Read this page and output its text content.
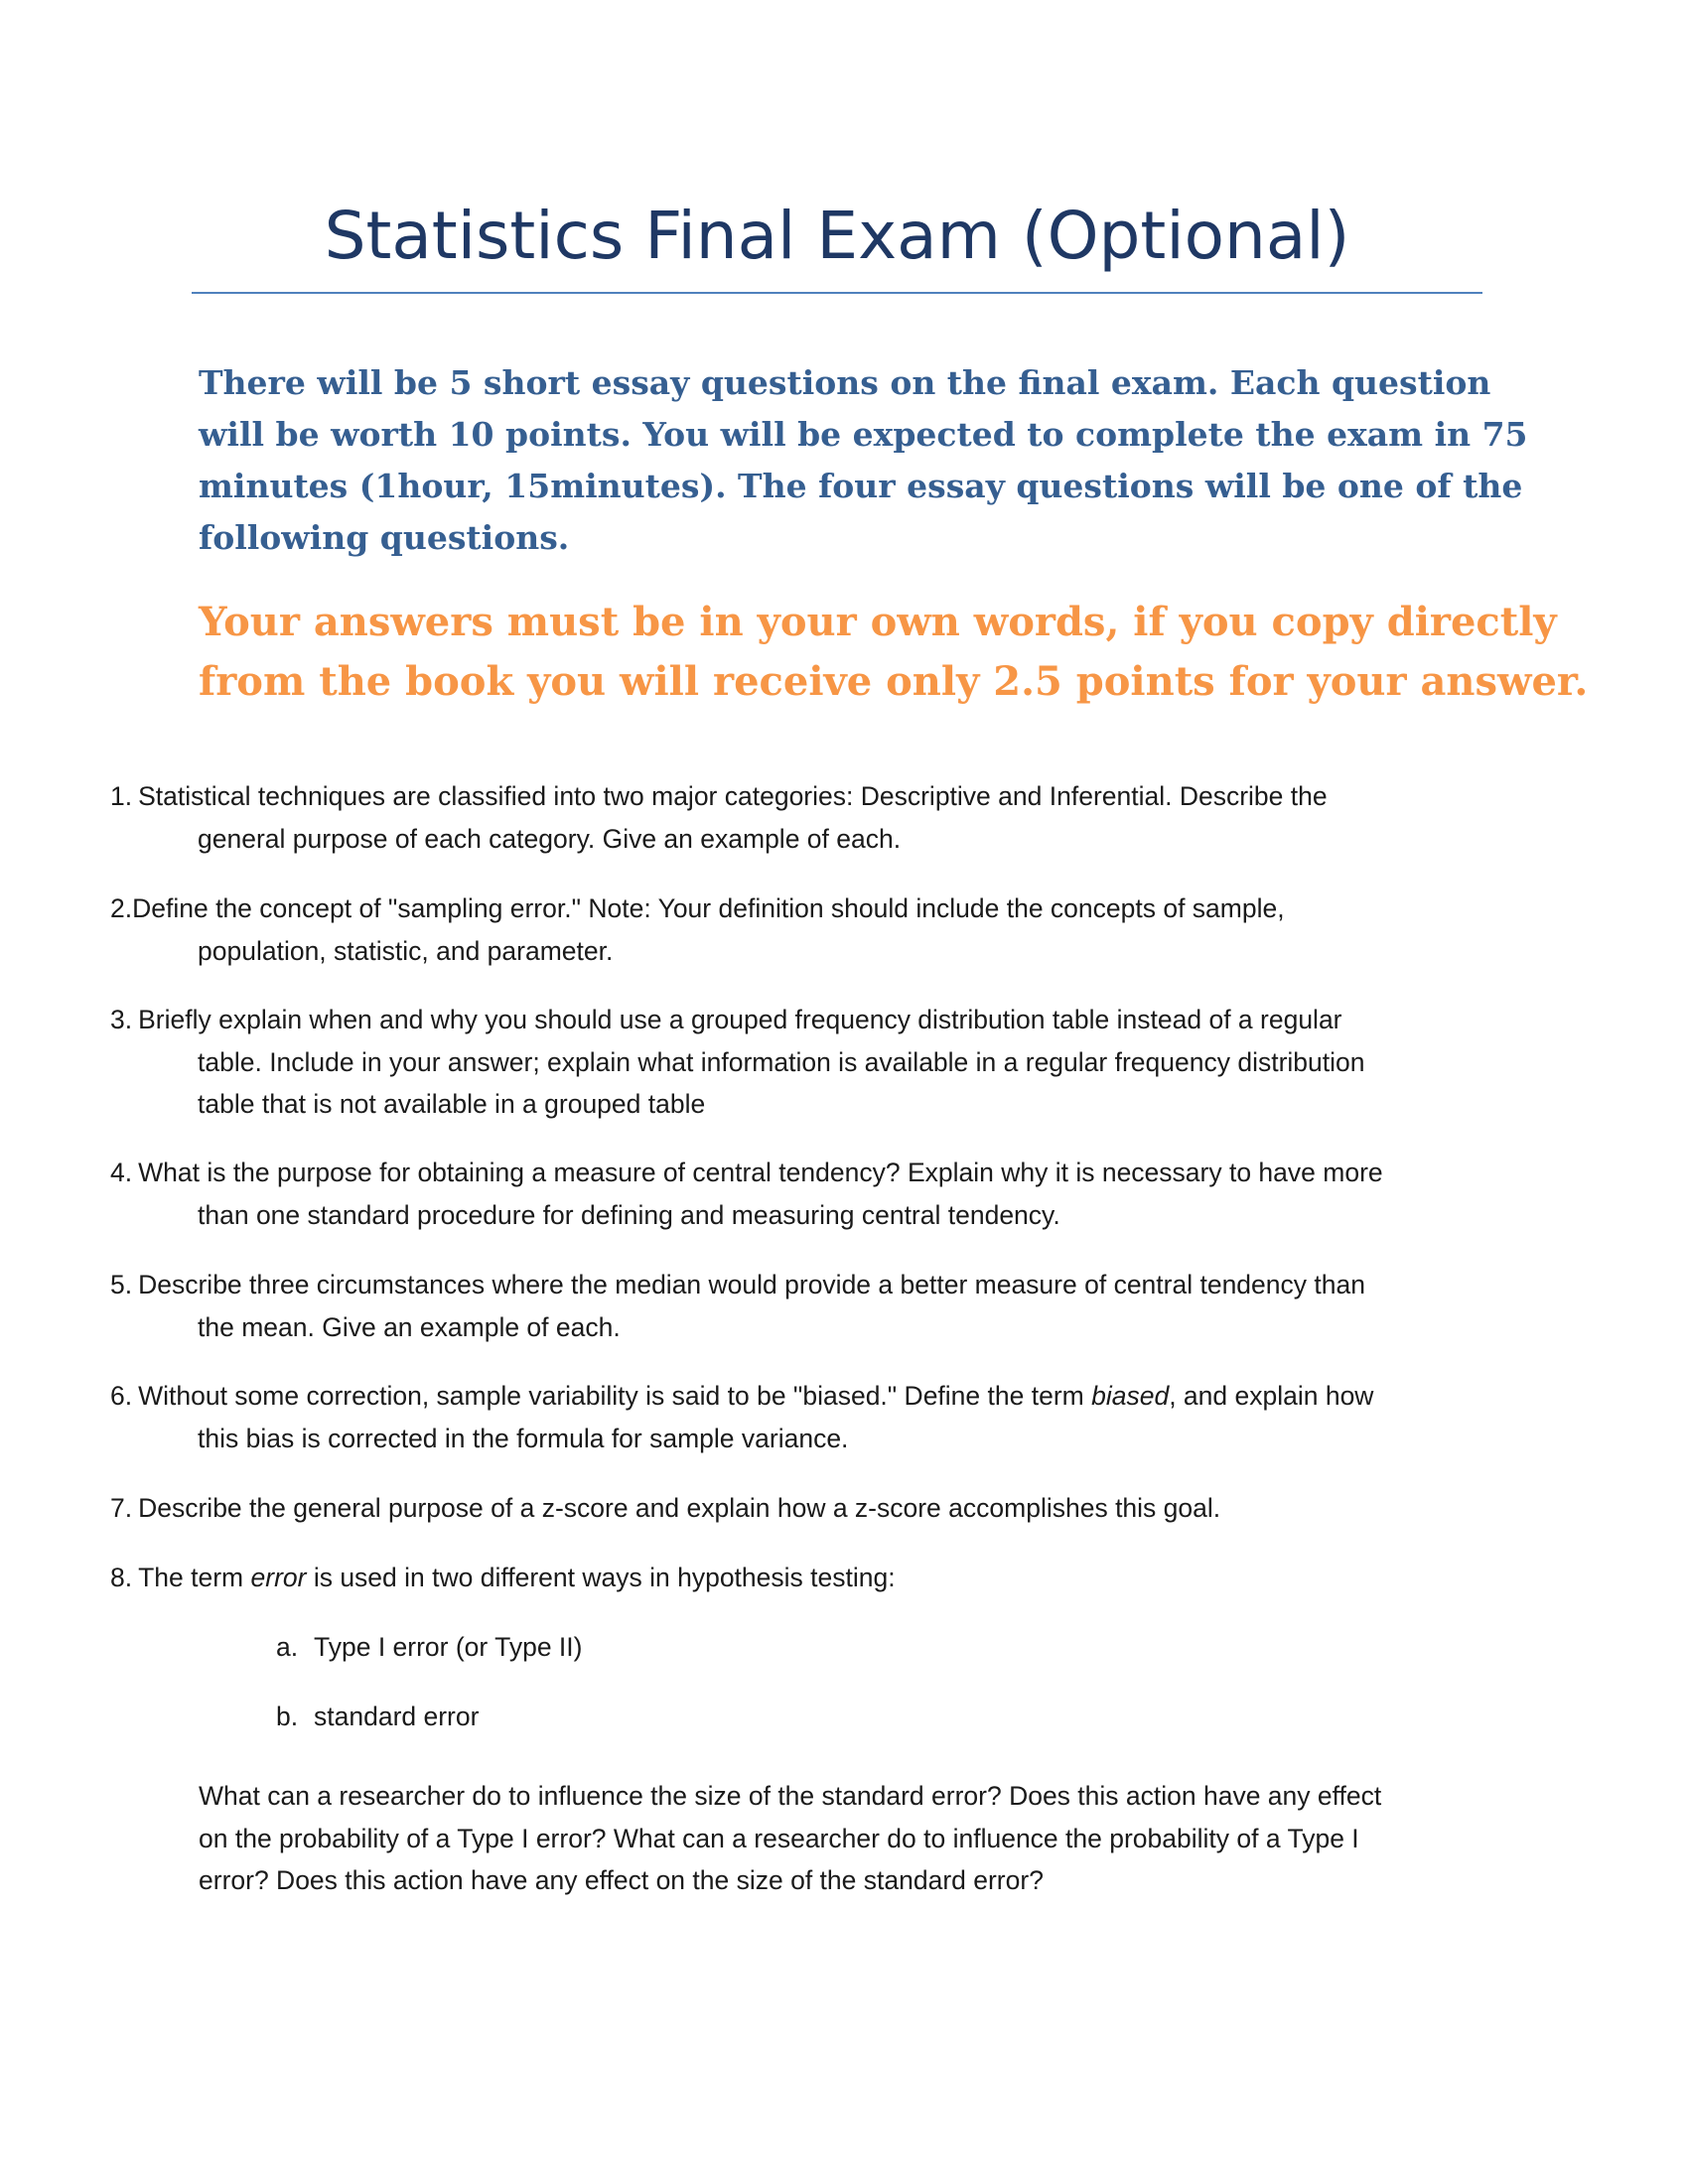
Statistics Final Exam (Optional)
There will be 5 short essay questions on the final exam. Each question
will be worth 10 points. You will be expected to complete the exam in 75
minutes (1hour, 15minutes). The four essay questions will be one of the
following questions.
Your answers must be in your own words, if you copy directly
from the book you will receive only 2.5 points for your answer.
1. Statistical techniques are classified into two major categories: Descriptive and Inferential. Describe the
general purpose of each category. Give an example of each.
2.Define the concept of "sampling error." Note: Your definition should include the concepts of sample,
population, statistic, and parameter.
3. Briefly explain when and why you should use a grouped frequency distribution table instead of a regular
table. Include in your answer; explain what information is available in a regular frequency distribution
table that is not available in a grouped table
4. What is the purpose for obtaining a measure of central tendency? Explain why it is necessary to have more
than one standard procedure for defining and measuring central tendency.
5. Describe three circumstances where the median would provide a better measure of central tendency than
the mean. Give an example of each.
6. Without some correction, sample variability is said to be "biased." Define the term biased, and explain how
this bias is corrected in the formula for sample variance.
7. Describe the general purpose of a z-score and explain how a z-score accomplishes this goal.
8. The term error is used in two different ways in hypothesis testing:
a. Type I error (or Type II)
b. standard error
What can a researcher do to influence the size of the standard error? Does this action have any effect
on the probability of a Type I error? What can a researcher do to influence the probability of a Type I
error? Does this action have any effect on the size of the standard error?
